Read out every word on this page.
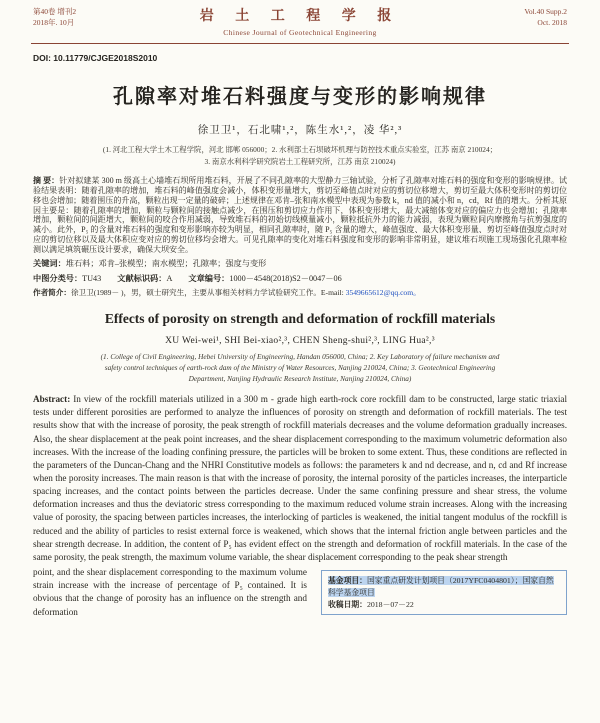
第40卷 增刊2
2018年. 10月	岩 土 工 程 学 报
Chinese Journal of Geotechnical Engineering
Vol.40 Supp.2
Oct. 2018
DOI: 10.11779/CJGE2018S2010
孔隙率对堆石料强度与变形的影响规律
徐卫卫¹，石北啸¹,²，陈生水¹,²，凌 华²,³
(1. 河北工程大学土木工程学院，河北 邯郸 056000；2. 水利部土石坝破坏机理与防控技术重点实验室，江苏 南京 210024；
3. 南京水利科学研究院岩土工程研究所，江苏 南京 210024)

摘 要：针对拟建某 300 m 级高土心墙堆石坝所用堆石料，开展了不同孔隙率的大型静力三轴试验，分析了孔隙率对堆石料的强度和变形的影响规律。试验结果表明：随着孔隙率的增加，堆石料的峰值强度会减小，体积变形量增大，剪切至峰值点时对应的剪切位移增大，剪切至最大体积变形时的剪切位移也会增加；随着围压的升高，颗粒出现一定量的破碎；上述规律在邓肯–张和南水模型中表现为参数 k，nd 值的减小和 n，cd，Rf 值的增大。分析其原因主要是：随着孔隙率的增加，颗粒与颗粒间的接触点减少，在围压和剪切应力作用下，体积变形增大，最大减缩体变对应的偏应力也会增加；孔隙率增加，颗粒间的间距增大，颗粒间的咬合作用减弱，导致堆石料的初始切线模量减小，颗粒抵抗外力的能力减弱，表现为颗粒间内摩擦角与抗剪强度的减小。此外，P₅ 的含量对堆石料的强度和变形影响亦较为明显，相同孔隙率时，随 P₅ 含量的增大，峰值强度、最大体积变形量、剪切至峰值强度点时对应的剪切位移以及最大体积应变对应的剪切位移均会增大。可见孔隙率的变化对堆石料强度和变形的影响非常明显，建议堆石坝施工现场强化孔隙率检测以满足填筑碾压设计要求，确保大坝安全。

关键词：堆石料；邓肯–张模型；南水模型；孔隙率；强度与变形

中图分类号：TU43 文献标识码：A 文章编号：1000－4548(2018)S2－0047－06

作者简介：徐卫卫(1989－ )，男，硕士研究生，主要从事相关材料力学试验研究工作。E-mail: 3549665612@qq.com。

Effects of porosity on strength and deformation of rockfill materials
XU Wei-wei¹, SHI Bei-xiao²,³, CHEN Sheng-shui²,³, LING Hua²,³
(1. College of Civil Engineering, Hebei University of Engineering, Handan 056000, China; 2. Key Laboratory of failure mechanism and
safety control techniques of earth-rock dam of the Ministry of Water Resources, Nanjing 210024, China; 3. Geotechnical Engineering
Department, Nanjing Hydraulic Research Institute, Nanjing 210024, China)

Abstract: In view of the rockfill materials utilized in a 300 m - grade high earth-rock core rockfill dam to be constructed, large static triaxial tests under different porosities are performed to analyze the influences of porosity on strength and deformation of rockfill materials. The test results show that with the increase of porosity, the peak strength of rockfill materials decreases and the volume deformation gradually increases. Also, the shear displacement at the peak point increases, and the shear displacement corresponding to the maximum volumetric deformation also increases. With the increase of the loading confining pressure, the particles will be broken to some extent. Thus, these conditions are reflected in the parameters of the Duncan-Chang and the NHRI Constitutive models as follows: the parameters k and nd decrease, and n, cd and Rf increase when the porosity increases. The main reason is that with the increase of porosity, the internal porosity of the particles increases, the interparticle spacing increases, and the contact points between the particles decrease. Under the same confining pressure and shear stress, the volume deformation increases and thus the deviatoric stress corresponding to the maximum reduced volume strain increases. Along with the increasing value of porosity, the spacing between particles increases, the interlocking of particles is weakened, the initial tangent modulus of the rockfill is reduced and the ability of particles to resist external force is weakened, which shows that the internal friction angle between particles and the shear strength decrease. In addition, the content of P₅ has evident effect on the strength and deformation of rockfill materials. In the case of the same porosity, the peak strength, the maximum volume variable, the shear displacement corresponding to the peak shear strength

point, and the shear displacement corresponding to the maximum volume strain increase with the increase of percentage of P₅ contained. It is obvious that the change of porosity has an influence on the strength and deformation

基金项目：国家重点研发计划项目（2017YFC0404801）；国家自然科学基金项目

收稿日期：2018－07－22
